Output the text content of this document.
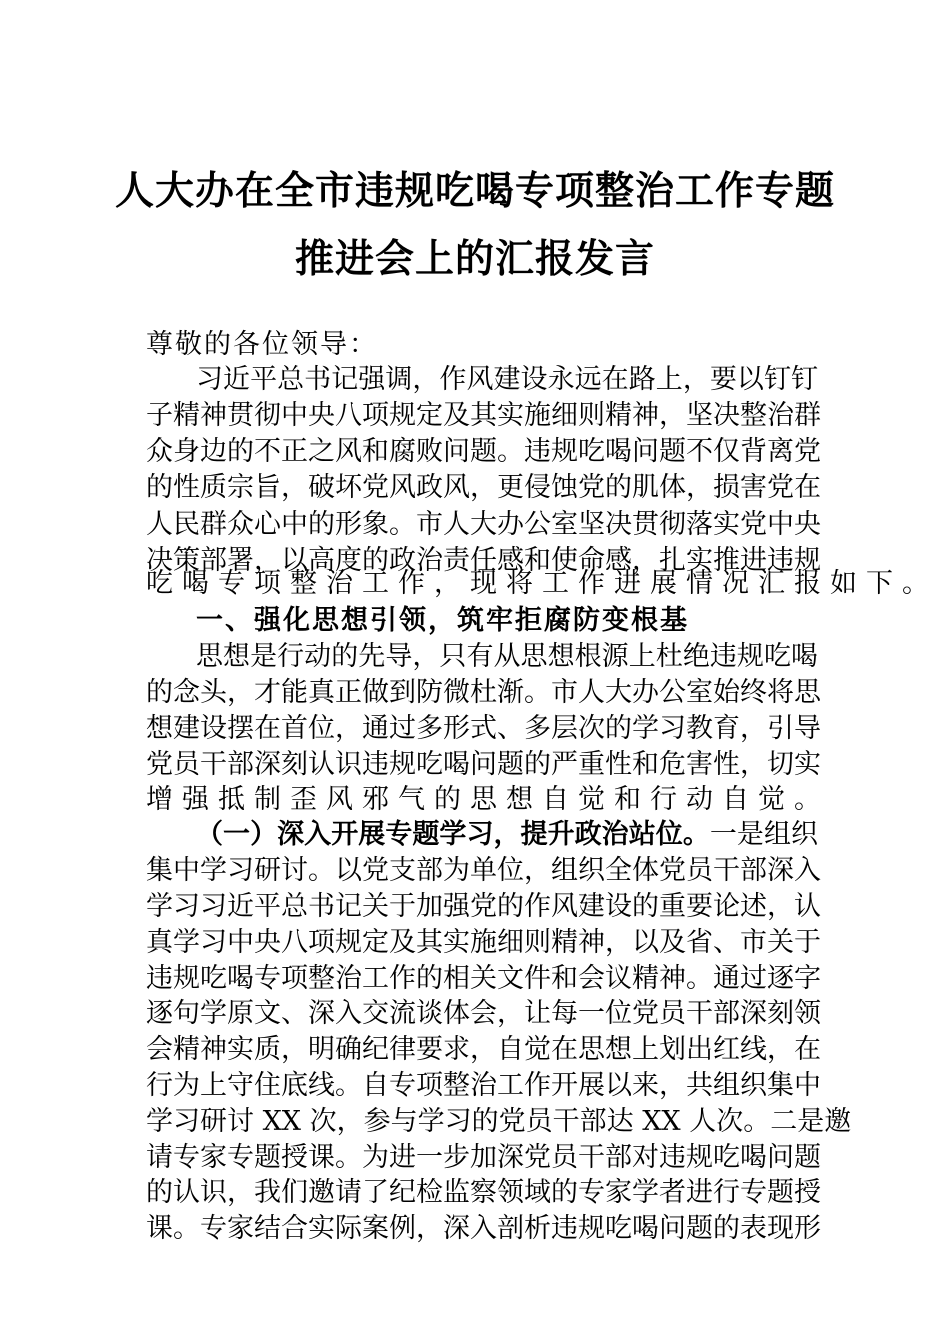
人大办在全市违规吃喝专项整治工作专题
推进会上的汇报发言
尊敬的各位领导：
习近平总书记强调，作风建设永远在路上，要以钉钉
子精神贯彻中央八项规定及其实施细则精神，坚决整治群
众身边的不正之风和腐败问题。违规吃喝问题不仅背离党
的性质宗旨，破坏党风政风，更侵蚀党的肌体，损害党在
人民群众心中的形象。市人大办公室坚决贯彻落实党中央
决策部署，以高度的政治责任感和使命感，扎实推进违规
吃喝专项整治工作，现将工作进展情况汇报如下。
一、强化思想引领，筑牢拒腐防变根基
思想是行动的先导，只有从思想根源上杜绝违规吃喝
的念头，才能真正做到防微杜渐。市人大办公室始终将思
想建设摆在首位，通过多形式、多层次的学习教育，引导
党员干部深刻认识违规吃喝问题的严重性和危害性，切实
增强抵制歪风邪气的思想自觉和行动自觉。
（一）深入开展专题学习，提升政治站位。一是组织
集中学习研讨。以党支部为单位，组织全体党员干部深入
学习习近平总书记关于加强党的作风建设的重要论述，认
真学习中央八项规定及其实施细则精神，以及省、市关于
违规吃喝专项整治工作的相关文件和会议精神。通过逐字
逐句学原文、深入交流谈体会，让每一位党员干部深刻领
会精神实质，明确纪律要求，自觉在思想上划出红线，在
行为上守住底线。自专项整治工作开展以来，共组织集中
学习研讨 XX 次，参与学习的党员干部达 XX 人次。二是邀
请专家专题授课。为进一步加深党员干部对违规吃喝问题
的认识，我们邀请了纪检监察领域的专家学者进行专题授
课。专家结合实际案例，深入剖析违规吃喝问题的表现形
